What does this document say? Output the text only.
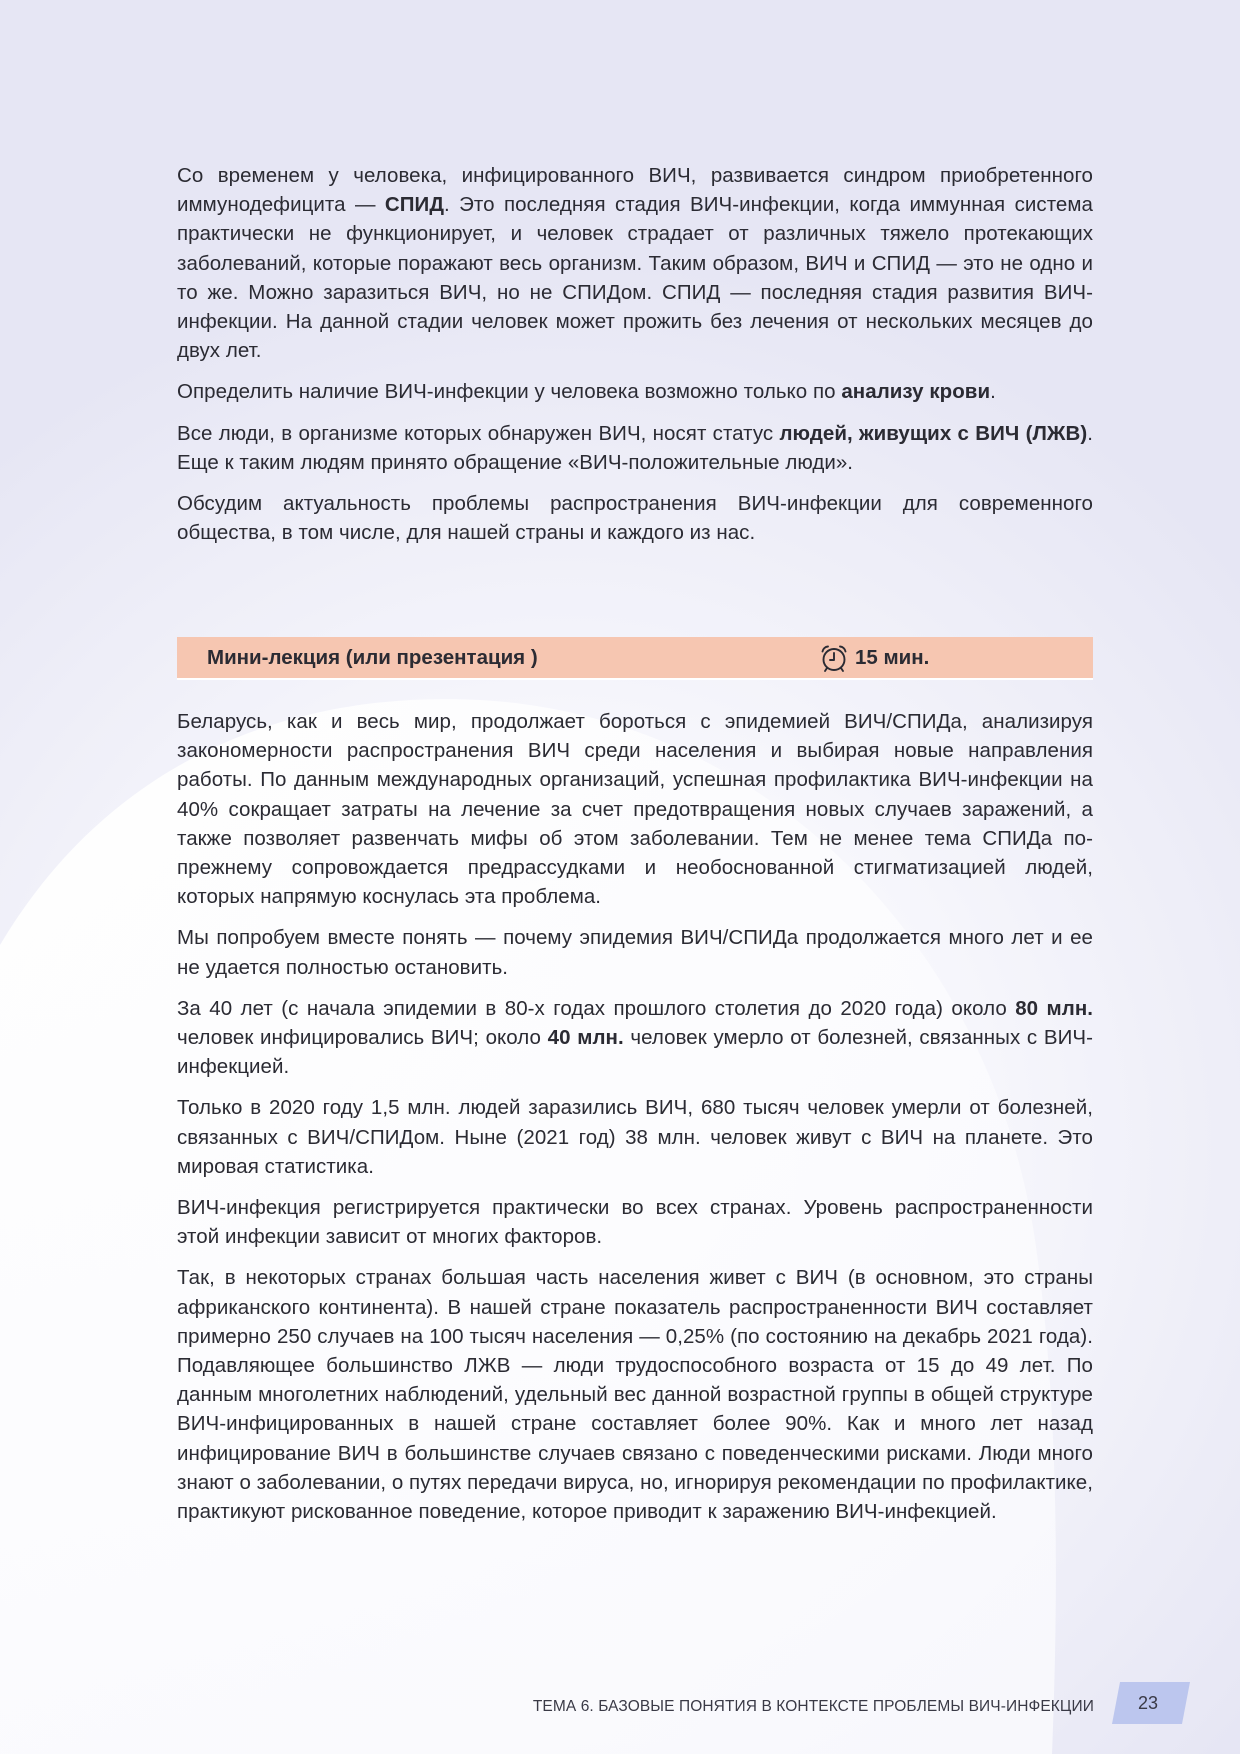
Со временем у человека, инфицированного ВИЧ, развивается синдром приобретенного иммунодефицита — СПИД. Это последняя стадия ВИЧ-инфекции, когда иммунная система практически не функционирует, и человек страдает от различных тяжело протекающих заболеваний, которые поражают весь организм. Таким образом, ВИЧ и СПИД — это не одно и то же. Можно заразиться ВИЧ, но не СПИДом. СПИД — последняя стадия развития ВИЧ-инфекции. На данной стадии человек может прожить без лечения от нескольких месяцев до двух лет.

Определить наличие ВИЧ-инфекции у человека возможно только по анализу крови.

Все люди, в организме которых обнаружен ВИЧ, носят статус людей, живущих с ВИЧ (ЛЖВ). Еще к таким людям принято обращение «ВИЧ-положительные люди».

Обсудим актуальность проблемы распространения ВИЧ-инфекции для современного общества, в том числе, для нашей страны и каждого из нас.

Мини-лекция (или презентация )	15 мин.

Беларусь, как и весь мир, продолжает бороться с эпидемией ВИЧ/СПИДа, анализируя закономерности распространения ВИЧ среди населения и выбирая новые направления работы. По данным международных организаций, успешная профилактика ВИЧ-инфекции на 40% сокращает затраты на лечение за счет предотвращения новых случаев заражений, а также позволяет развенчать мифы об этом заболевании. Тем не менее тема СПИДа по-прежнему сопровождается предрассудками и необоснованной стигматизацией людей, которых напрямую коснулась эта проблема.

Мы попробуем вместе понять — почему эпидемия ВИЧ/СПИДа продолжается много лет и ее не удается полностью остановить.

За 40 лет (с начала эпидемии в 80-х годах прошлого столетия до 2020 года) около 80 млн. человек инфицировались ВИЧ; около 40 млн. человек умерло от болезней, связанных с ВИЧ-инфекцией.

Только в 2020 году 1,5 млн. людей заразились ВИЧ, 680 тысяч человек умерли от болезней, связанных с ВИЧ/СПИДом. Ныне (2021 год) 38 млн. человек живут с ВИЧ на планете. Это мировая статистика.

ВИЧ-инфекция регистрируется практически во всех странах. Уровень распространенности этой инфекции зависит от многих факторов.

Так, в некоторых странах большая часть населения живет с ВИЧ (в основном, это страны африканского континента). В нашей стране показатель распространенности ВИЧ составляет примерно 250 случаев на 100 тысяч населения — 0,25% (по состоянию на декабрь 2021 года). Подавляющее большинство ЛЖВ — люди трудоспособного возраста от 15 до 49 лет. По данным многолетних наблюдений, удельный вес данной возрастной группы в общей структуре ВИЧ-инфицированных в нашей стране составляет более 90%. Как и много лет назад инфицирование ВИЧ в большинстве случаев связано с поведенческими рисками. Люди много знают о заболевании, о путях передачи вируса, но, игнорируя рекомендации по профилактике, практикуют рискованное поведение, которое приводит к заражению ВИЧ-инфекцией.

ТЕМА 6. БАЗОВЫЕ ПОНЯТИЯ В КОНТЕКСТЕ ПРОБЛЕМЫ ВИЧ-ИНФЕКЦИИ	23
